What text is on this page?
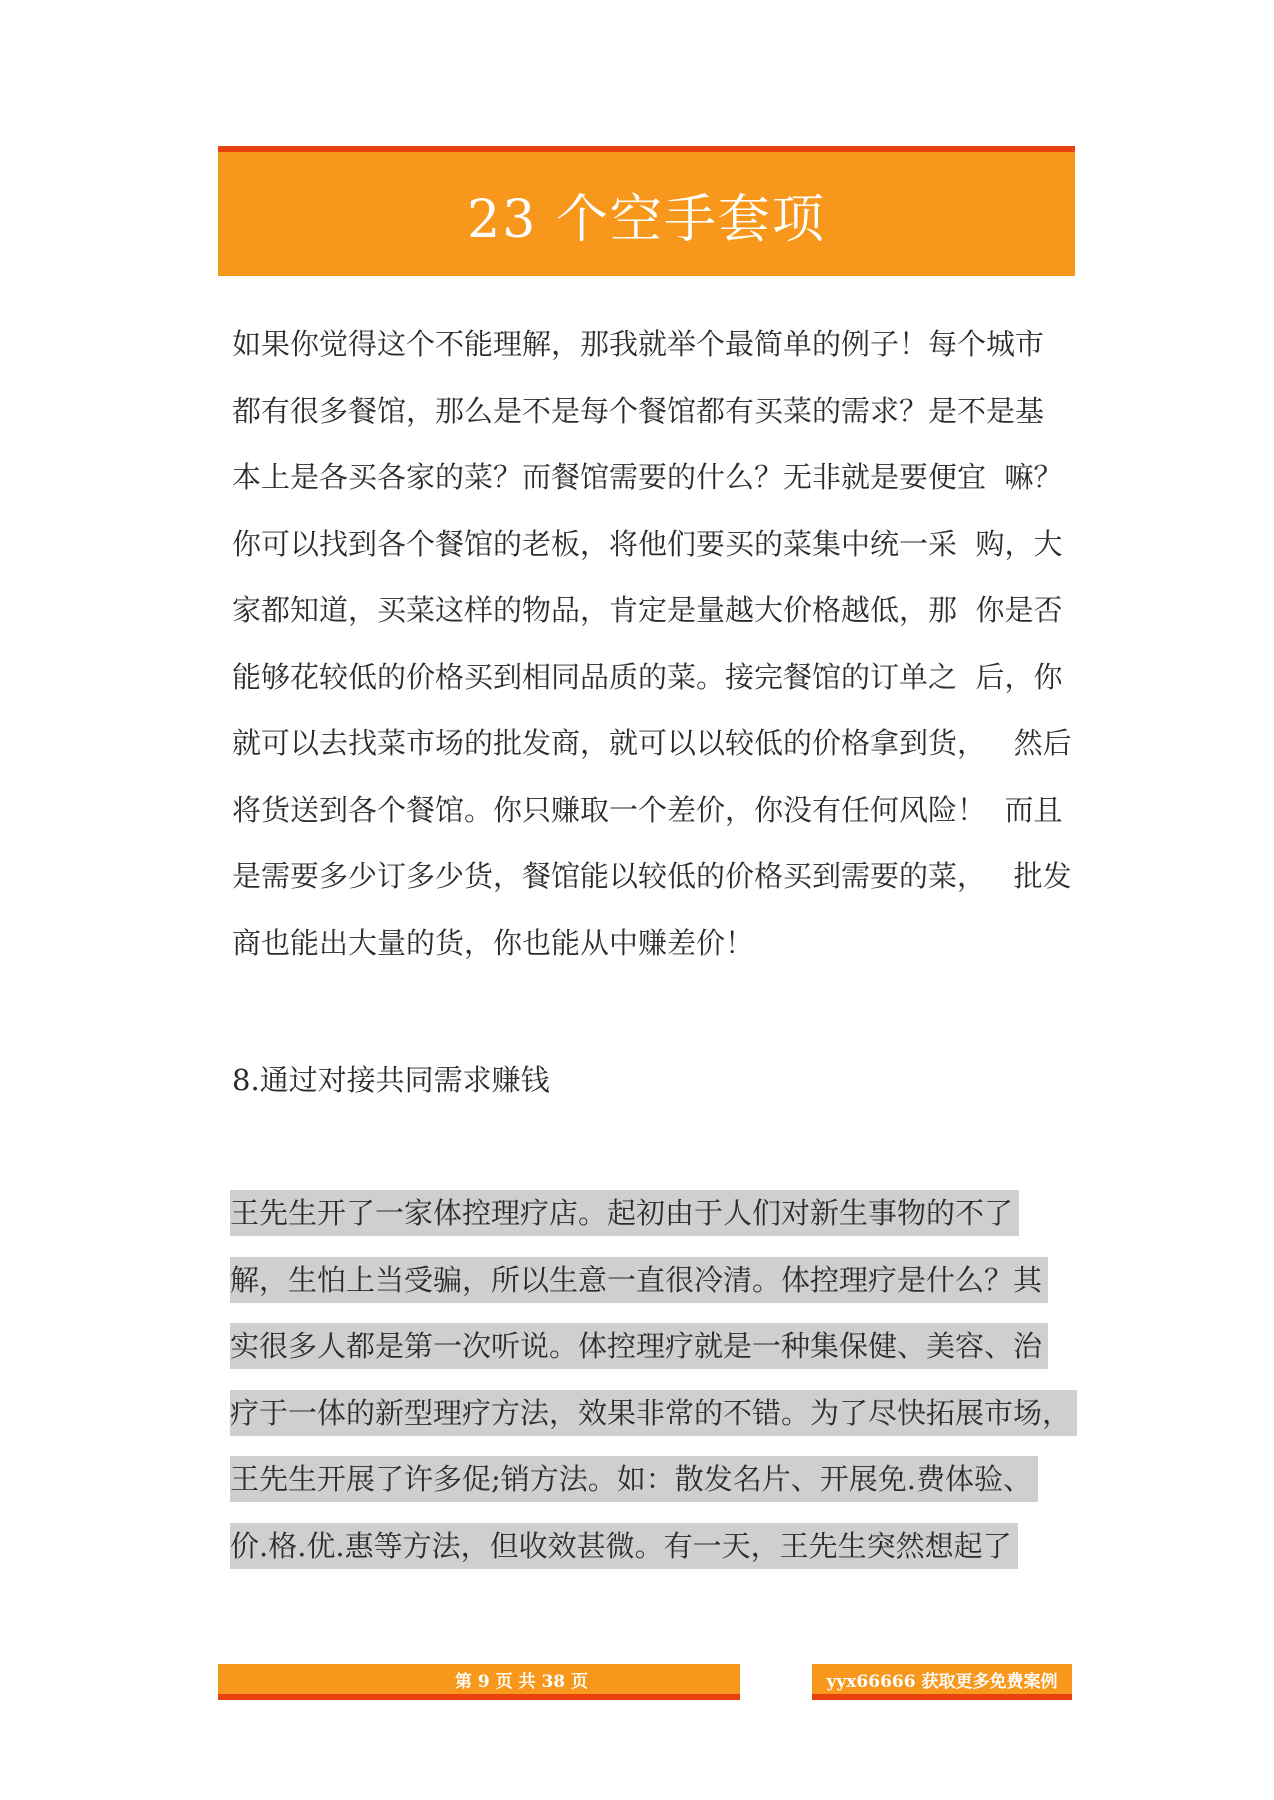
23 个空手套项
如果你觉得这个不能理解，那我就举个最简单的例子！每个城市
都有很多餐馆，那么是不是每个餐馆都有买菜的需求？是不是基
本上是各买各家的菜？而餐馆需要的什么？无非就是要便宜  嘛？
你可以找到各个餐馆的老板，将他们要买的菜集中统一采  购，大
家都知道，买菜这样的物品，肯定是量越大价格越低，那  你是否
能够花较低的价格买到相同品质的菜。接完餐馆的订单之  后，你
就可以去找菜市场的批发商，就可以以较低的价格拿到货，   然后
将货送到各个餐馆。你只赚取一个差价，你没有任何风险！  而且
是需要多少订多少货，餐馆能以较低的价格买到需要的菜，   批发
商也能出大量的货，你也能从中赚差价！
8.通过对接共同需求赚钱
王先生开了一家体控理疗店。起初由于人们对新生事物的不了
解，生怕上当受骗，所以生意一直很冷清。体控理疗是什么？其
实很多人都是第一次听说。体控理疗就是一种集保健、美容、治
疗于一体的新型理疗方法，效果非常的不错。为了尽快拓展市场，
王先生开展了许多促;销方法。如：散发名片、开展免.费体验、
价.格.优.惠等方法，但收效甚微。有一天，王先生突然想起了
第 9 页 共 38 页	yyx66666 获取更多免费案例
